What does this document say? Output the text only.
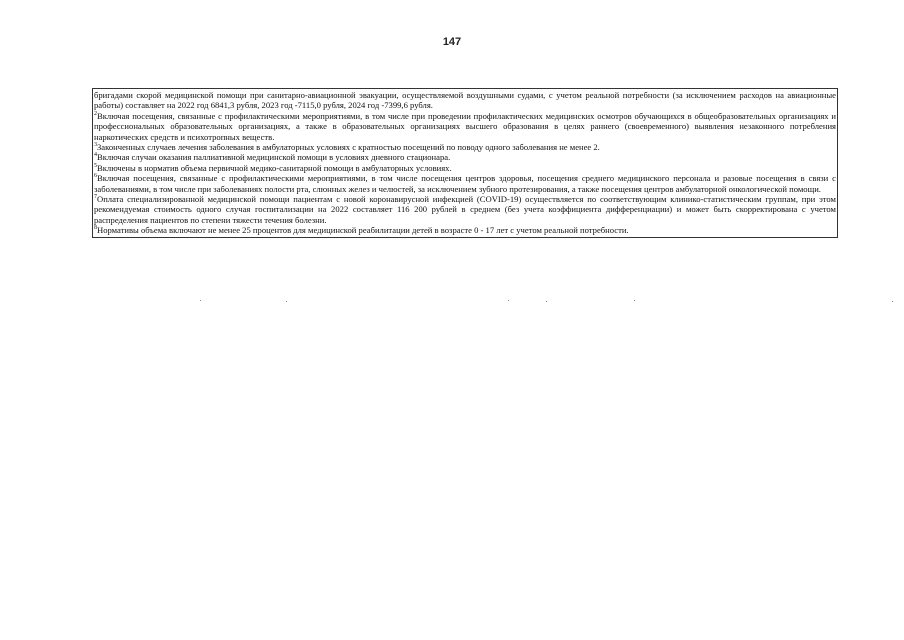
147

бригадами скорой медицинской помощи при санитарно-авиационной эвакуации, осуществляемой воздушными судами, с учетом реальной потребности (за исключением расходов на авиационные работы) составляет на 2022 год 6841,3 рубля, 2023 год -7115,0 рубля, 2024 год -7399,6 рубля.

$^2$Включая посещения, связанные с профилактическими мероприятиями, в том числе при проведении профилактических медицинских осмотров обучающихся в общеобразовательных организациях и профессиональных образовательных организациях, а также в образовательных организациях высшего образования в целях раннего (своевременного) выявления незаконного потребления наркотических средств и психотропных веществ.

$^3$Законченных случаев лечения заболевания в амбулаторных условиях с кратностью посещений по поводу одного заболевания не менее 2.

$^4$Включая случаи оказания паллиативной медицинской помощи в условиях дневного стационара.

$^5$Включены в норматив объема первичной медико-санитарной помощи в амбулаторных условиях.

$^6$Включая посещения, связанные с профилактическими мероприятиями, в том числе посещения центров здоровья, посещения среднего медицинского персонала и разовые посещения в связи с заболеваниями, в том числе при заболеваниях полости рта, слюнных желез и челюстей, за исключением зубного протезирования, а также посещения центров амбулаторной онкологической помощи.

$^7$Оплата специализированной медицинской помощи пациентам с новой коронавирусной инфекцией (COVID-19) осуществляется по соответствующим клинико-статистическим группам, при этом рекомендуемая стоимость одного случая госпитализации на 2022 составляет 116 200 рублей в среднем (без учета коэффициента дифференциации) и может быть скорректирована с учетом распределения пациентов по степени тяжести течения болезни.

$^8$Нормативы объема включают не менее 25 процентов для медицинской реабилитации детей в возрасте 0 - 17 лет с учетом реальной потребности.
